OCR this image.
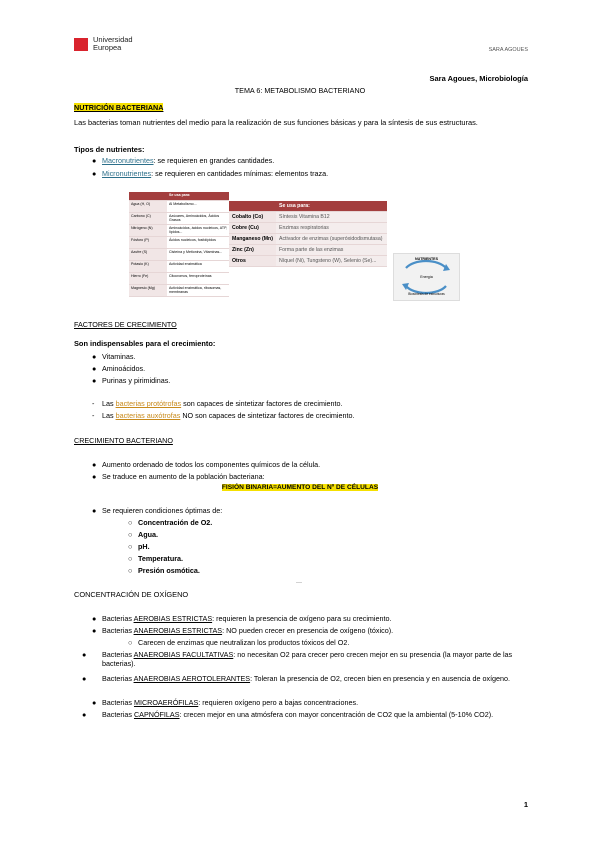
Universidad
Europea	SARA AGOUES
Sara Agoues, Microbiología
TEMA 6: METABOLISMO BACTERIANO
NUTRICIÓN BACTERIANA
Las bacterias toman nutrientes del medio para la realización de sus funciones básicas y para la síntesis de sus estructuras.
Tipos de nutrientes:
● Macronutrientes: se requieren en grandes cantidades.
● Micronutrientes: se requieren en cantidades mínimas: elementos traza.
	Se usa para:
Agua (H, O)	Al Metabolismo...
Carbono (C)	Azúcares, Aminoácidos, Ácidos Grasos
Nitrógeno (N)	Aminoácidos, ácidos nucleicos, ATP, lípidos...
Fósforo (P)	Ácidos nucleicos, fosfolípidos
Azufre (S)	Cisteína y Metionina, Vitaminas...
Potasio (K)	Actividad enzimática
Hierro (Fe)	Citocromos, ferroproteínas
Magnesio (Mg)	Actividad enzimática, ribosomas, membranas
	Se usa para:
Cobalto (Co)	Síntesis Vitamina B12
Cobre (Cu)	Enzimas respiratorias
Manganeso (Mn)	Activador de enzimas (superóxidodismutasa)
Zinc (Zn)	Forma parte de las enzimas
Otros	Níquel (Ni), Tungsteno (W), Selenio (Se)...	NUTRIENTES
Energía
Biosíntesis de estructuras
FACTORES DE CRECIMIENTO
Son indispensables para el crecimiento:
● Vitaminas.
● Aminoácidos.
● Purinas y pirimidinas.
- Las bacterias protótrofas son capaces de sintetizar factores de crecimiento.
- Las bacterias auxótrofas NO son capaces de sintetizar factores de crecimiento.
CRECIMIENTO BACTERIANO
● Aumento ordenado de todos los componentes químicos de la célula.
● Se traduce en aumento de la población bacteriana:
FISIÓN BINARIA=AUMENTO DEL Nº DE CÉLULAS
● Se requieren condiciones óptimas de:
○ Concentración de O2.
○ Agua.
○ pH.
○ Temperatura.
○ Presión osmótica.
...
CONCENTRACIÓN DE OXÍGENO
● Bacterias AEROBIAS ESTRICTAS: requieren la presencia de oxígeno para su crecimiento.
● Bacterias ANAEROBIAS ESTRICTAS: NO pueden crecer en presencia de oxígeno (tóxico).
○ Carecen de enzimas que neutralizan los productos tóxicos del O2.
● Bacterias ANAEROBIAS FACULTATIVAS: no necesitan O2 para crecer pero crecen mejor en su presencia (la mayor parte de las bacterias).
● Bacterias ANAEROBIAS AEROTOLERANTES: Toleran la presencia de O2, crecen bien en presencia y en ausencia de oxígeno.
● Bacterias MICROAERÓFILAS: requieren oxígeno pero a bajas concentraciones.
● Bacterias CAPNÓFILAS: crecen mejor en una atmósfera con mayor concentración de CO2 que la ambiental (5-10% CO2).
1
